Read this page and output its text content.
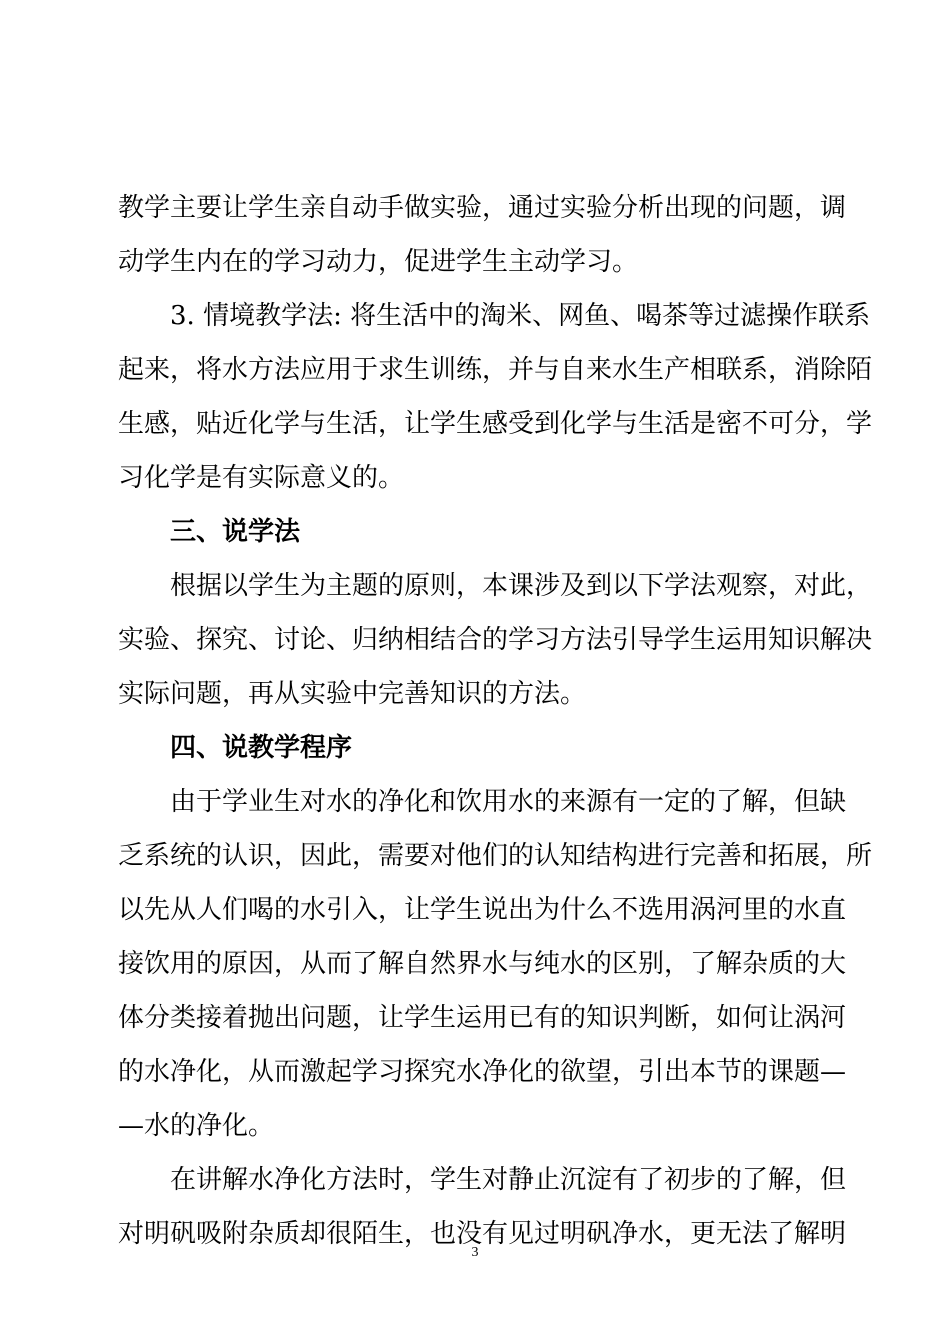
教学主要让学生亲自动手做实验，通过实验分析出现的问题，调
动学生内在的学习动力，促进学生主动学习。
3. 情境教学法: 将生活中的淘米、网鱼、喝茶等过滤操作联系
起来，将水方法应用于求生训练，并与自来水生产相联系，消除陌
生感，贴近化学与生活，让学生感受到化学与生活是密不可分，学
习化学是有实际意义的。
三、说学法
根据以学生为主题的原则，本课涉及到以下学法观察，对此，
实验、探究、讨论、归纳相结合的学习方法引导学生运用知识解决
实际问题，再从实验中完善知识的方法。
四、说教学程序
由于学业生对水的净化和饮用水的来源有一定的了解，但缺
乏系统的认识，因此，需要对他们的认知结构进行完善和拓展，所
以先从人们喝的水引入，让学生说出为什么不选用涡河里的水直
接饮用的原因，从而了解自然界水与纯水的区别，了解杂质的大
体分类接着抛出问题，让学生运用已有的知识判断，如何让涡河
的水净化，从而激起学习探究水净化的欲望，引出本节的课题—
—水的净化。
在讲解水净化方法时，学生对静止沉淀有了初步的了解，但
对明矾吸附杂质却很陌生，也没有见过明矾净水，更无法了解明
3
